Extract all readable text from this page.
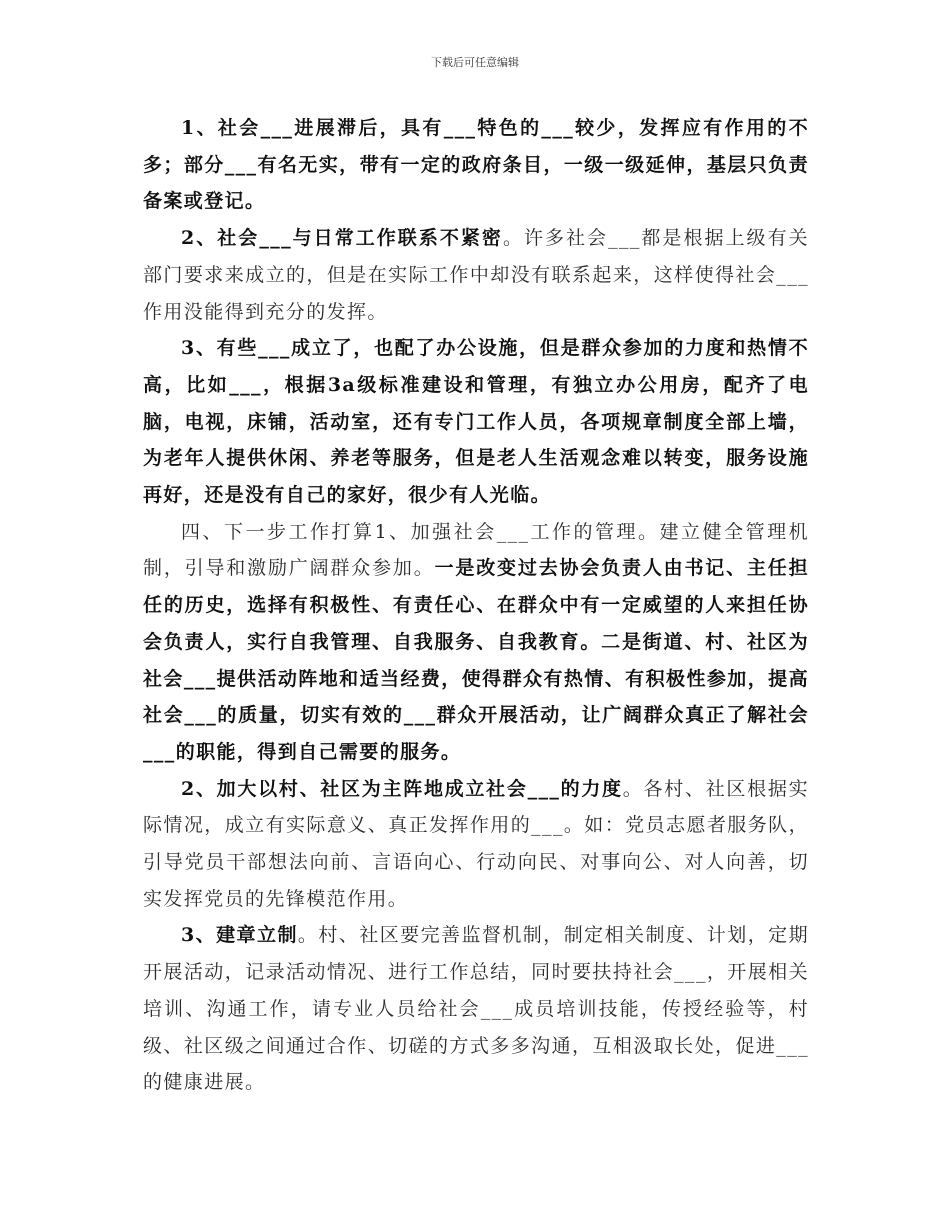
下载后可任意编辑

1、社会___进展滞后，具有___特色的___较少，发挥应有作用的不多；部分___有名无实，带有一定的政府条目，一级一级延伸，基层只负责备案或登记。

2、社会___与日常工作联系不紧密。许多社会___都是根据上级有关部门要求来成立的，但是在实际工作中却没有联系起来，这样使得社会___作用没能得到充分的发挥。

3、有些___成立了，也配了办公设施，但是群众参加的力度和热情不高，比如___，根据3a级标准建设和管理，有独立办公用房，配齐了电脑，电视，床铺，活动室，还有专门工作人员，各项规章制度全部上墙，为老年人提供休闲、养老等服务，但是老人生活观念难以转变，服务设施再好，还是没有自己的家好，很少有人光临。

四、下一步工作打算1、加强社会___工作的管理。建立健全管理机制，引导和激励广阔群众参加。一是改变过去协会负责人由书记、主任担任的历史，选择有积极性、有责任心、在群众中有一定威望的人来担任协会负责人，实行自我管理、自我服务、自我教育。二是街道、村、社区为社会___提供活动阵地和适当经费，使得群众有热情、有积极性参加，提高社会___的质量，切实有效的___群众开展活动，让广阔群众真正了解社会___的职能，得到自己需要的服务。

2、加大以村、社区为主阵地成立社会___的力度。各村、社区根据实际情况，成立有实际意义、真正发挥作用的___。如：党员志愿者服务队，引导党员干部想法向前、言语向心、行动向民、对事向公、对人向善，切实发挥党员的先锋模范作用。

3、建章立制。村、社区要完善监督机制，制定相关制度、计划，定期开展活动，记录活动情况、进行工作总结，同时要扶持社会___，开展相关培训、沟通工作，请专业人员给社会___成员培训技能，传授经验等，村级、社区级之间通过合作、切磋的方式多多沟通，互相汲取长处，促进___的健康进展。
